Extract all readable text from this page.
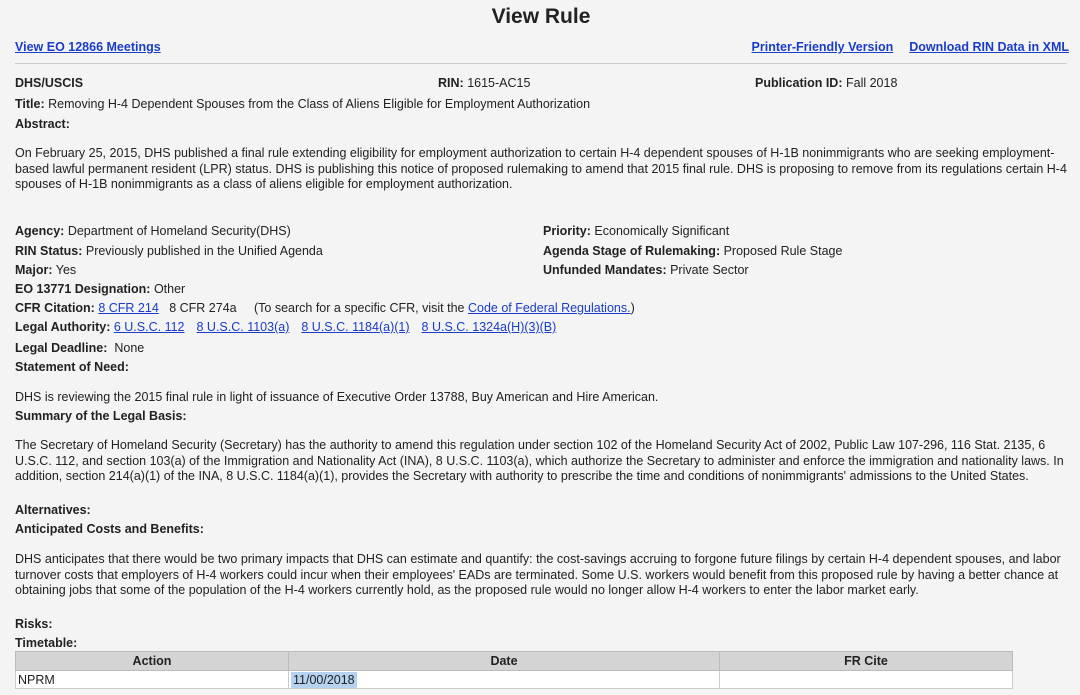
View Rule
View EO 12866 Meetings	Printer-Friendly Version Download RIN Data in XML
DHS/USCIS	RIN: 1615-AC15	Publication ID: Fall 2018
Title: Removing H-4 Dependent Spouses from the Class of Aliens Eligible for Employment Authorization
Abstract:
On February 25, 2015, DHS published a final rule extending eligibility for employment authorization to certain H-4 dependent spouses of H-1B nonimmigrants who are seeking employment-based lawful permanent resident (LPR) status. DHS is publishing this notice of proposed rulemaking to amend that 2015 final rule. DHS is proposing to remove from its regulations certain H-4 spouses of H-1B nonimmigrants as a class of aliens eligible for employment authorization.
Agency: Department of Homeland Security(DHS)	Priority: Economically Significant
RIN Status: Previously published in the Unified Agenda	Agenda Stage of Rulemaking: Proposed Rule Stage
Major: Yes	Unfunded Mandates: Private Sector
EO 13771 Designation: Other
CFR Citation: 8 CFR 214 8 CFR 274a (To search for a specific CFR, visit the Code of Federal Regulations.)
Legal Authority: 6 U.S.C. 112 8 U.S.C. 1103(a) 8 U.S.C. 1184(a)(1) 8 U.S.C. 1324a(H)(3)(B)
Legal Deadline: None
Statement of Need:
DHS is reviewing the 2015 final rule in light of issuance of Executive Order 13788, Buy American and Hire American.
Summary of the Legal Basis:
The Secretary of Homeland Security (Secretary) has the authority to amend this regulation under section 102 of the Homeland Security Act of 2002, Public Law 107-296, 116 Stat. 2135, 6 U.S.C. 112, and section 103(a) of the Immigration and Nationality Act (INA), 8 U.S.C. 1103(a), which authorize the Secretary to administer and enforce the immigration and nationality laws. In addition, section 214(a)(1) of the INA, 8 U.S.C. 1184(a)(1), provides the Secretary with authority to prescribe the time and conditions of nonimmigrants' admissions to the United States.
Alternatives:
Anticipated Costs and Benefits:
DHS anticipates that there would be two primary impacts that DHS can estimate and quantify: the cost-savings accruing to forgone future filings by certain H-4 dependent spouses, and labor turnover costs that employers of H-4 workers could incur when their employees' EADs are terminated. Some U.S. workers would benefit from this proposed rule by having a better chance at obtaining jobs that some of the population of the H-4 workers currently hold, as the proposed rule would no longer allow H-4 workers to enter the labor market early.
Risks:
Timetable:
Action	Date	FR Cite
NPRM	11/00/2018	
